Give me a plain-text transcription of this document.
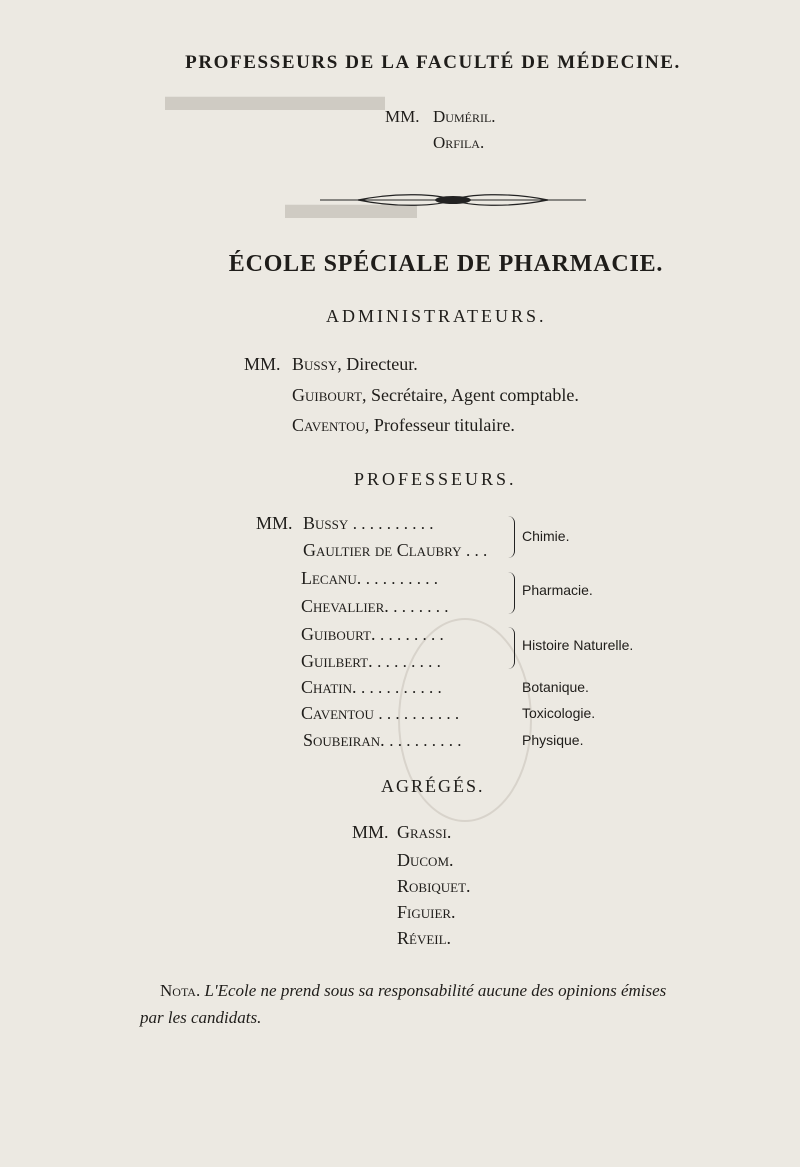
▬▬▬▬▬
▬▬▬
PROFESSEURS DE LA FACULTÉ DE MÉDECINE.
MM. Duméril.
Orfila.
ÉCOLE SPÉCIALE DE PHARMACIE.
ADMINISTRATEURS.
MM. Bussy, Directeur.
Guibourt, Secrétaire, Agent comptable.
Caventou, Professeur titulaire.
PROFESSEURS.
MM. Bussy . . . . . . . . . .
Gaultier de Claubry . . .
Lecanu. . . . . . . . . .
Chevallier. . . . . . . .
Guibourt. . . . . . . . .
Guilbert. . . . . . . . .
Chatin. . . . . . . . . . .
Caventou . . . . . . . . . .
Soubeiran. . . . . . . . . .
Chimie.
Pharmacie.
Histoire Naturelle.
Botanique.
Toxicologie.
Physique.
AGRÉGÉS.
MM. Grassi.
Ducom.
Robiquet.
Figuier.
Réveil.
Nota. L'Ecole ne prend sous sa responsabilité aucune des opinions émises
par les candidats.
